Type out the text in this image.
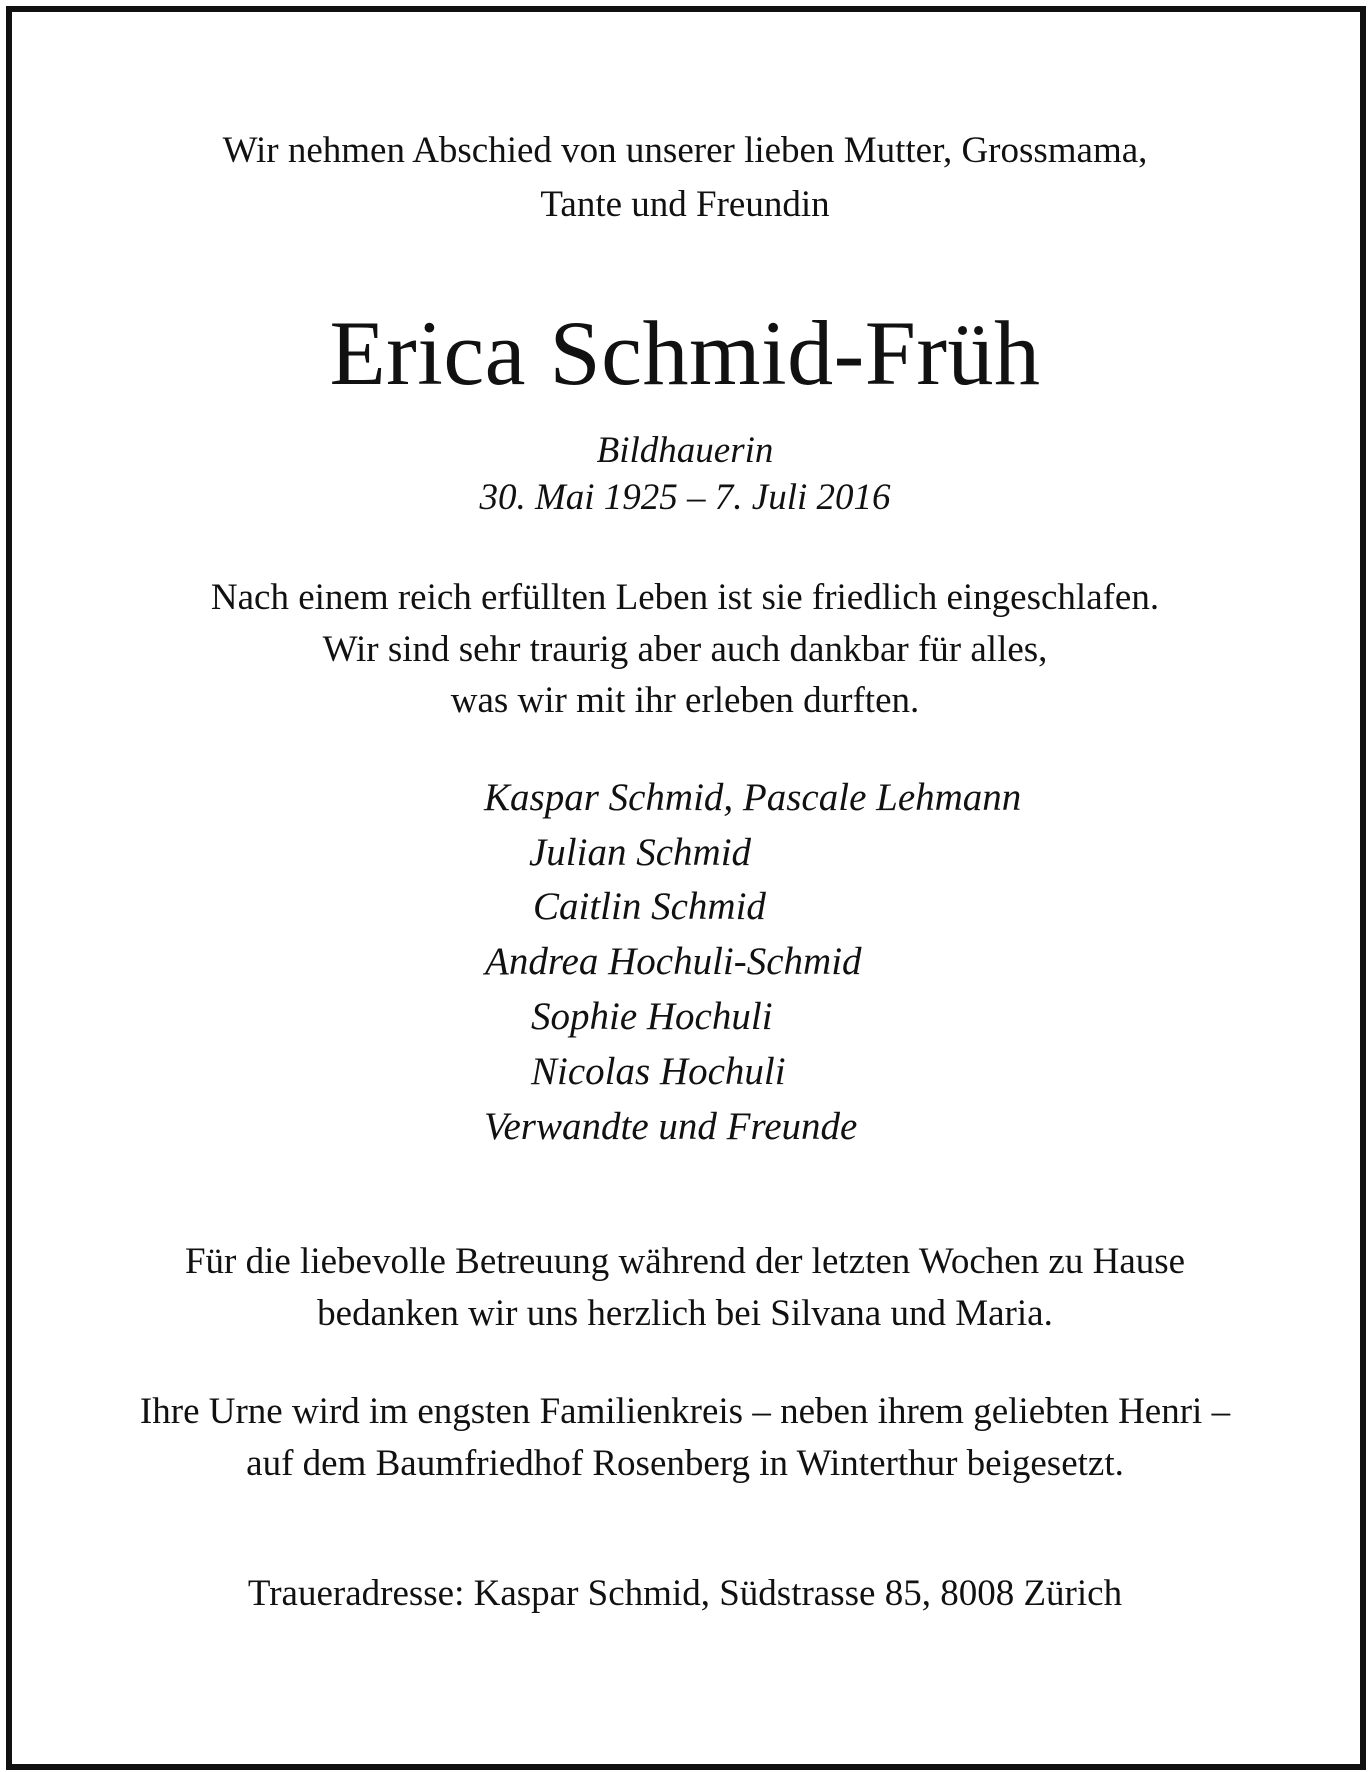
Wir nehmen Abschied von unserer lieben Mutter, Grossmama,
Tante und Freundin
Erica Schmid-Früh
Bildhauerin
30. Mai 1925 – 7. Juli 2016
Nach einem reich erfüllten Leben ist sie friedlich eingeschlafen.
Wir sind sehr traurig aber auch dankbar für alles,
was wir mit ihr erleben durften.
Kaspar Schmid, Pascale Lehmann
Julian Schmid
Caitlin Schmid
Andrea Hochuli-Schmid
Sophie Hochuli
Nicolas Hochuli
Verwandte und Freunde
Für die liebevolle Betreuung während der letzten Wochen zu Hause
bedanken wir uns herzlich bei Silvana und Maria.
Ihre Urne wird im engsten Familienkreis – neben ihrem geliebten Henri –
auf dem Baumfriedhof Rosenberg in Winterthur beigesetzt.
Traueradresse: Kaspar Schmid, Südstrasse 85, 8008 Zürich
